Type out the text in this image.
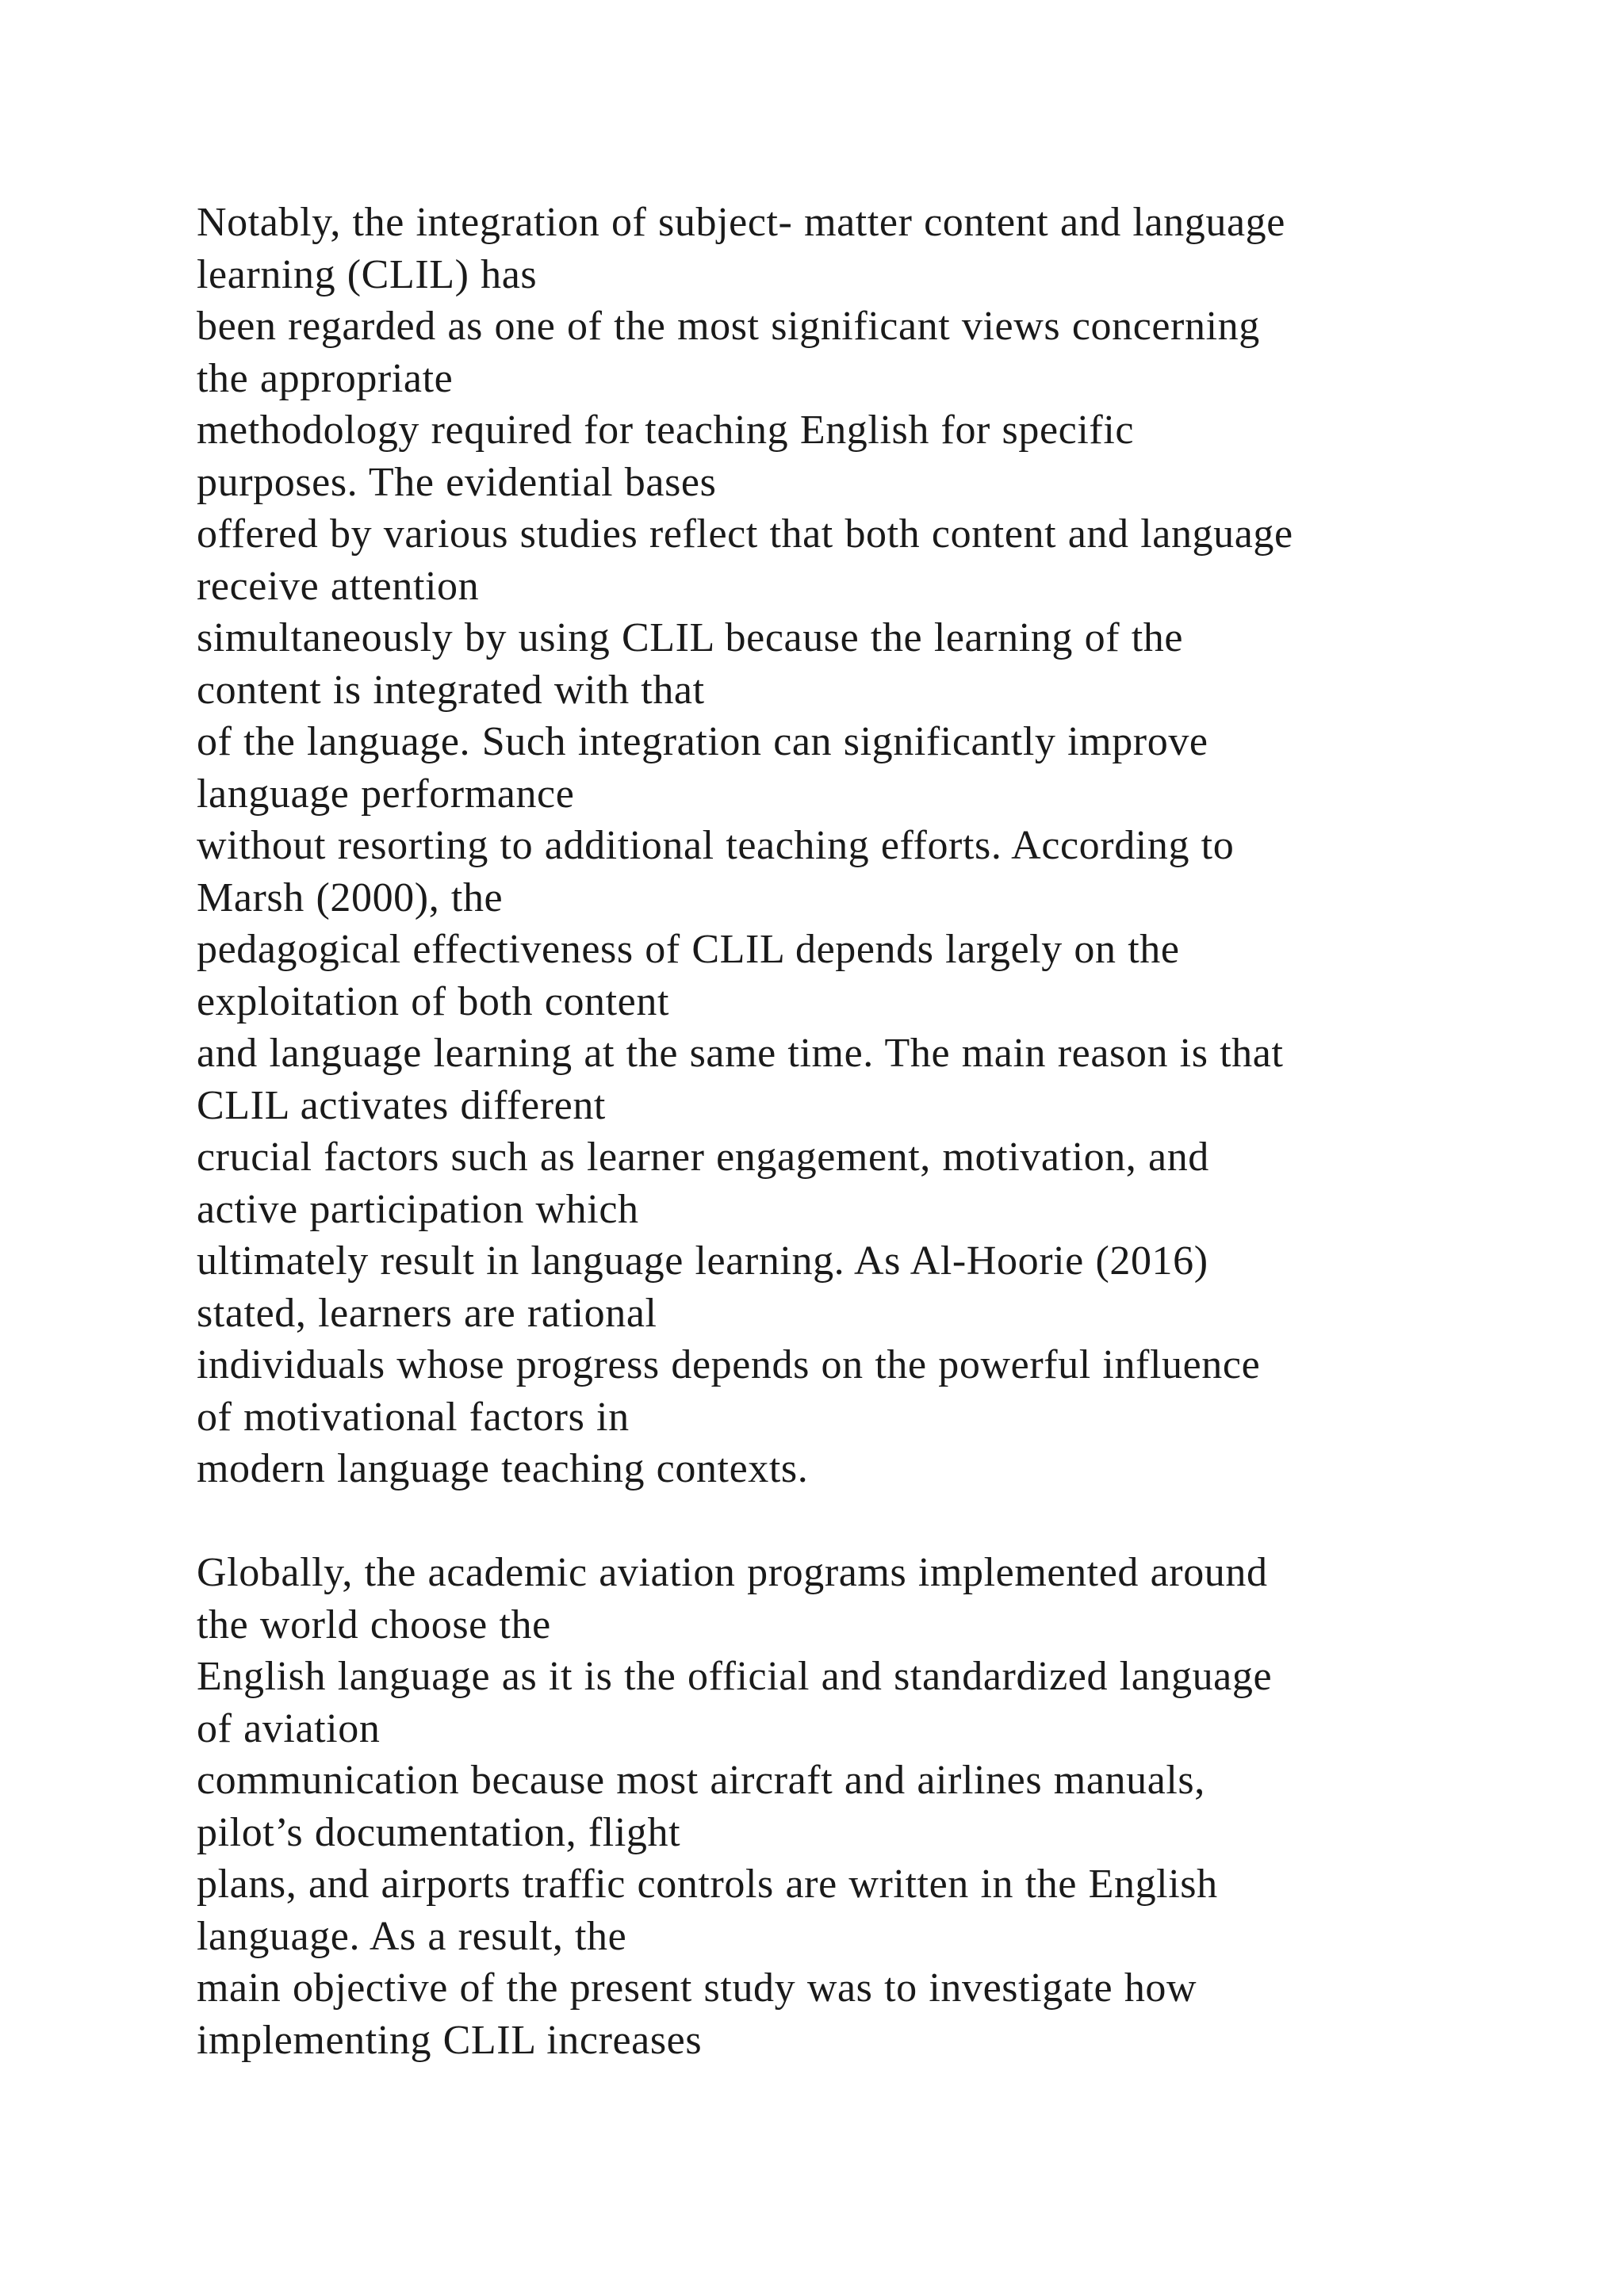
Notably, the integration of subject- matter content and language
learning (CLIL) has
been regarded as one of the most significant views concerning
the appropriate
methodology required for teaching English for specific
purposes. The evidential bases
offered by various studies reflect that both content and language
receive attention
simultaneously by using CLIL because the learning of the
content is integrated with that
of the language. Such integration can significantly improve
language performance
without resorting to additional teaching efforts. According to
Marsh (2000), the
pedagogical effectiveness of CLIL depends largely on the
exploitation of both content
and language learning at the same time. The main reason is that
CLIL activates different
crucial factors such as learner engagement, motivation, and
active participation which
ultimately result in language learning. As Al-Hoorie (2016)
stated, learners are rational
individuals whose progress depends on the powerful influence
of motivational factors in
modern language teaching contexts.
Globally, the academic aviation programs implemented around
the world choose the
English language as it is the official and standardized language
of aviation
communication because most aircraft and airlines manuals,
pilot’s documentation, flight
plans, and airports traffic controls are written in the English
language. As a result, the
main objective of the present study was to investigate how
implementing CLIL increases
